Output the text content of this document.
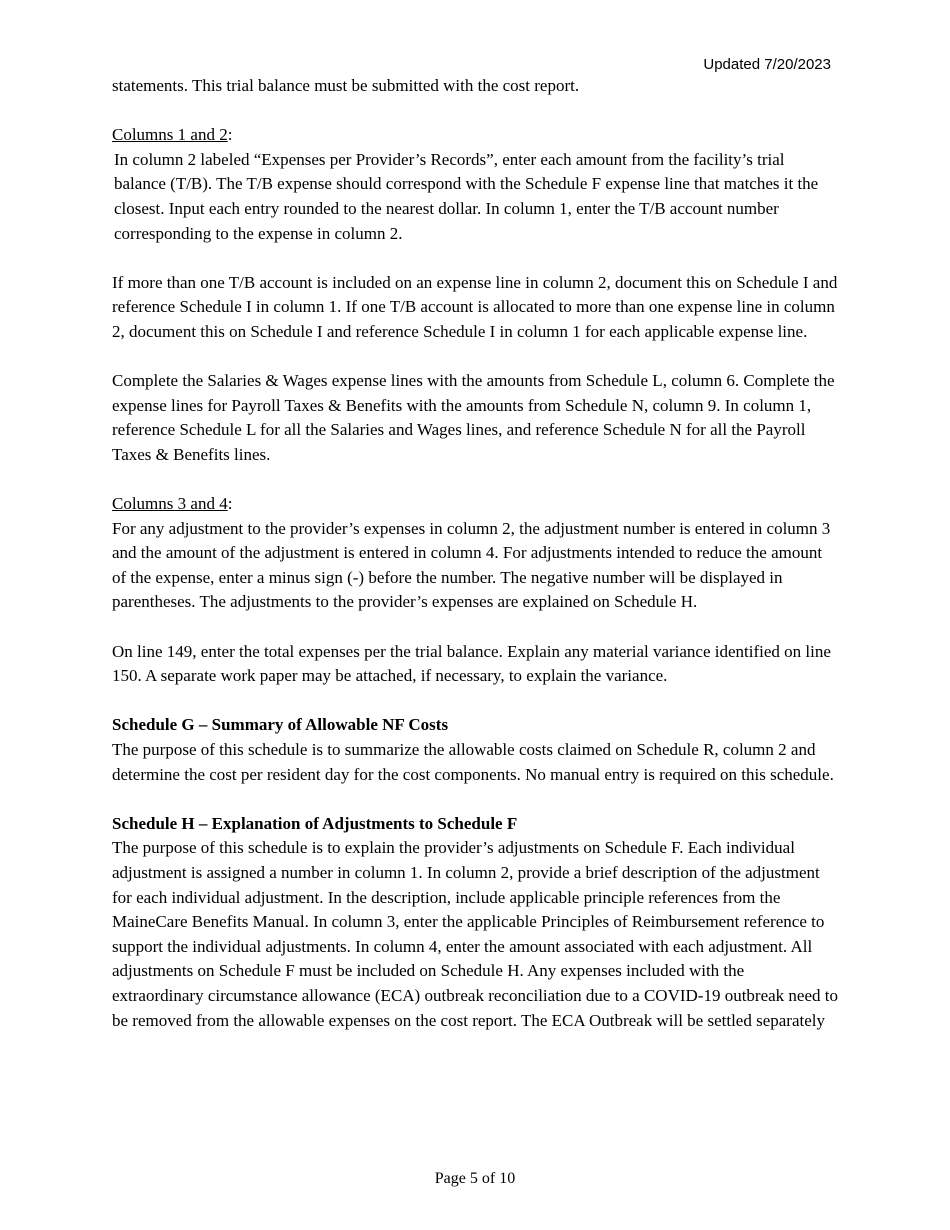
Updated 7/20/2023

statements. This trial balance must be submitted with the cost report.

Columns 1 and 2:

In column 2 labeled “Expenses per Provider’s Records”, enter each amount from the facility’s trial balance (T/B). The T/B expense should correspond with the Schedule F expense line that matches it the closest. Input each entry rounded to the nearest dollar. In column 1, enter the T/B account number corresponding to the expense in column 2.

If more than one T/B account is included on an expense line in column 2, document this on Schedule I and reference Schedule I in column 1. If one T/B account is allocated to more than one expense line in column 2, document this on Schedule I and reference Schedule I in column 1 for each applicable expense line.

Complete the Salaries & Wages expense lines with the amounts from Schedule L, column 6. Complete the expense lines for Payroll Taxes & Benefits with the amounts from Schedule N, column 9. In column 1, reference Schedule L for all the Salaries and Wages lines, and reference Schedule N for all the Payroll Taxes & Benefits lines.

Columns 3 and 4:

For any adjustment to the provider’s expenses in column 2, the adjustment number is entered in column 3 and the amount of the adjustment is entered in column 4. For adjustments intended to reduce the amount of the expense, enter a minus sign (-) before the number. The negative number will be displayed in parentheses. The adjustments to the provider’s expenses are explained on Schedule H.

On line 149, enter the total expenses per the trial balance. Explain any material variance identified on line 150. A separate work paper may be attached, if necessary, to explain the variance.

Schedule G – Summary of Allowable NF Costs

The purpose of this schedule is to summarize the allowable costs claimed on Schedule R, column 2 and determine the cost per resident day for the cost components. No manual entry is required on this schedule.

Schedule H – Explanation of Adjustments to Schedule F

The purpose of this schedule is to explain the provider’s adjustments on Schedule F. Each individual adjustment is assigned a number in column 1. In column 2, provide a brief description of the adjustment for each individual adjustment. In the description, include applicable principle references from the MaineCare Benefits Manual. In column 3, enter the applicable Principles of Reimbursement reference to support the individual adjustments. In column 4, enter the amount associated with each adjustment. All adjustments on Schedule F must be included on Schedule H. Any expenses included with the extraordinary circumstance allowance (ECA) outbreak reconciliation due to a COVID-19 outbreak need to be removed from the allowable expenses on the cost report. The ECA Outbreak will be settled separately

Page 5 of 10
